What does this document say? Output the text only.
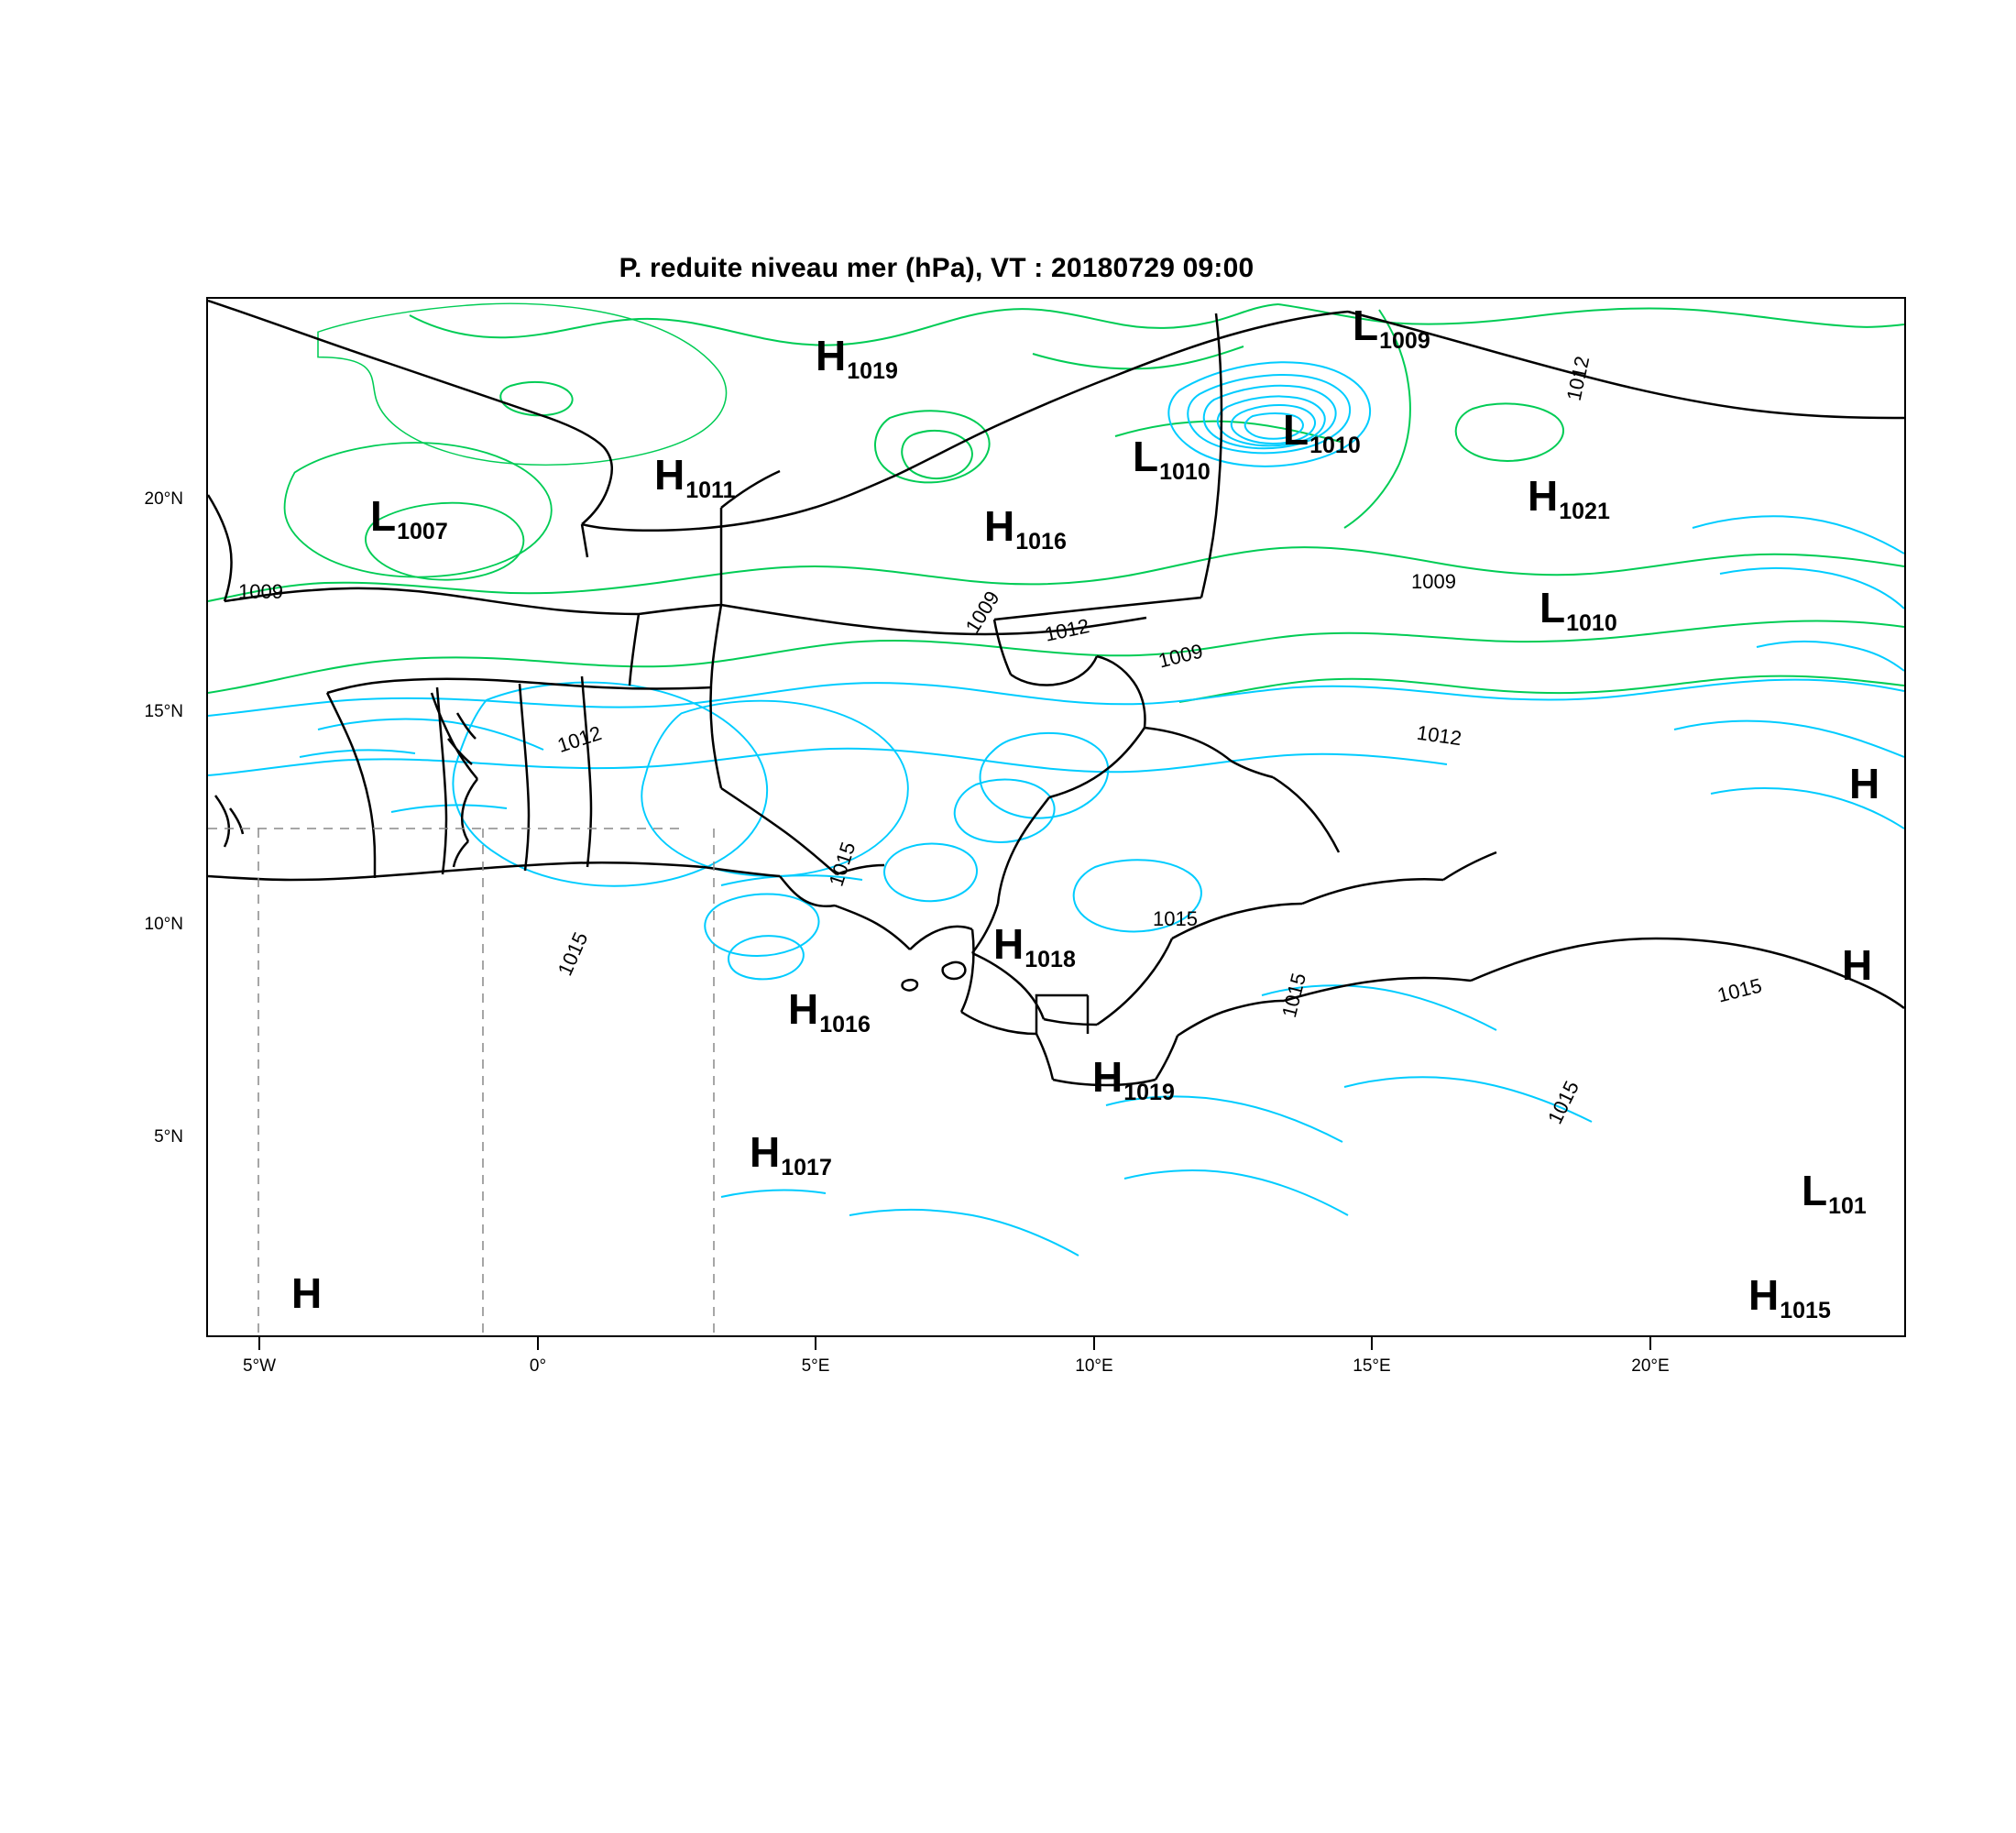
P. reduite niveau mer (hPa), VT : 20180729 09:00
20°N
15°N
10°N
5°N
5°W	0°	5°E	10°E	15°E	20°E
1009
1009
1009
1009
1012
1012
1012	1012
1015
1015
1015
1015	1015
1015
L1007
H1011
H1019
H1016
L1010
L1010
L1009
H1021
L1010
H
H
H1018
H1016
H1019
H1017	L101
H1015
H
